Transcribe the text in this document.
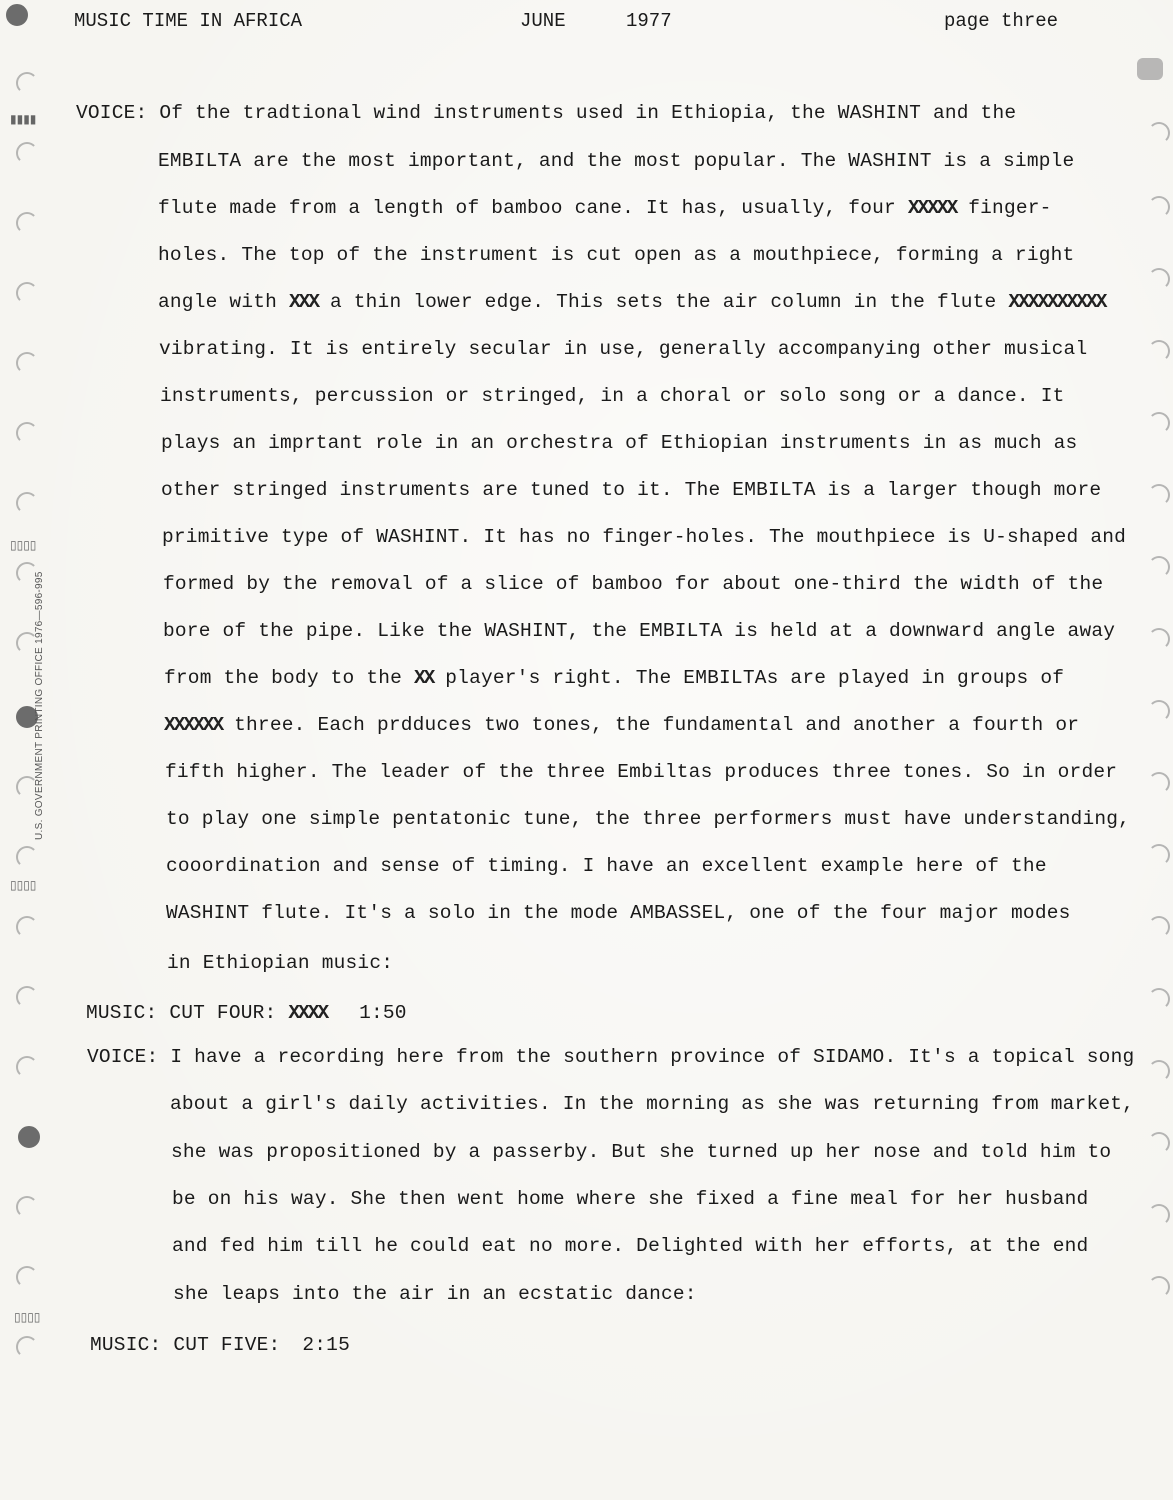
▮▮▮▮
▯▯▯▯
▯▯▯▯
▯▯▯▯
U.S. GOVERNMENT PRINTING OFFICE 1976—596-995
MUSIC TIME IN AFRICA	JUNE	1977	page three
VOICE: Of the tradtional wind instruments used in Ethiopia, the WASHINT and the
EMBILTA are the most important, and the most popular. The WASHINT is a simple
flute made from a length of bamboo cane. It has, usually, four XXXXX finger-
holes. The top of the instrument is cut open as a mouthpiece, forming a right
angle with XXX a thin lower edge. This sets the air column in the flute XXXXXXXXXX
vibrating. It is entirely secular in use, generally accompanying other musical
instruments, percussion or stringed, in a choral or solo song or a dance. It
plays an imprtant role in an orchestra of Ethiopian instruments in as much as
other stringed instruments are tuned to it. The EMBILTA is a larger though more
primitive type of WASHINT. It has no finger-holes. The mouthpiece is U-shaped and
formed by the removal of a slice of bamboo for about one-third the width of the
bore of the pipe. Like the WASHINT, the EMBILTA is held at a downward angle away
from the body to the XX player's right. The EMBILTAs are played in groups of
XXXXXX three. Each prdduces two tones, the fundamental and another a fourth or
fifth higher. The leader of the three Embiltas produces three tones. So in order
to play one simple pentatonic tune, the three performers must have understanding,
cooordination and sense of timing. I have an excellent example here of the
WASHINT flute. It's a solo in the mode AMBASSEL, one of the four major modes
in Ethiopian music:
MUSIC: CUT FOUR: XXXX 1:50
VOICE: I have a recording here from the southern province of SIDAMO. It's a topical song
about a girl's daily activities. In the morning as she was returning from market,
she was propositioned by a passerby. But she turned up her nose and told him to
be on his way. She then went home where she fixed a fine meal for her husband
and fed him till he could eat no more. Delighted with her efforts, at the end
she leaps into the air in an ecstatic dance:
MUSIC: CUT FIVE: 2:15
